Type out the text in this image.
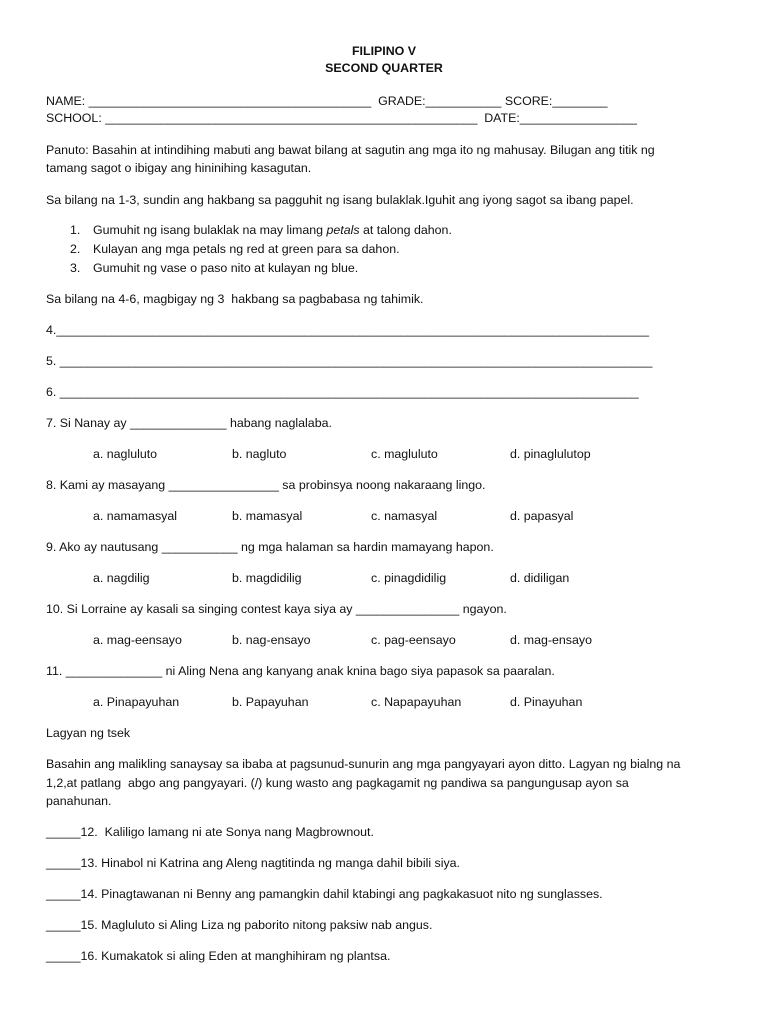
FILIPINO V
SECOND QUARTER
NAME: _________________________________________  GRADE:___________ SCORE:________
SCHOOL: ______________________________________________________  DATE:_________________
Panuto: Basahin at intindihing mabuti ang bawat bilang at sagutin ang mga ito ng mahusay. Bilugan ang titik ng
tamang sagot o ibigay ang hininihing kasagutan.
Sa bilang na 1-3, sundin ang hakbang sa pagguhit ng isang bulaklak.Iguhit ang iyong sagot sa ibang papel.
1. Gumuhit ng isang bulaklak na may limang petals at talong dahon.
2. Kulayan ang mga petals ng red at green para sa dahon.
3. Gumuhit ng vase o paso nito at kulayan ng blue.
Sa bilang na 4-6, magbigay ng 3  hakbang sa pagbabasa ng tahimik.
4.______________________________________________________________________________________
5. ______________________________________________________________________________________
6. ____________________________________________________________________________________
7. Si Nanay ay ______________ habang naglalaba.
a. nagluluto	b. nagluto	c. magluluto	d. pinaglulutop
8. Kami ay masayang ________________ sa probinsya noong nakaraang lingo.
a. namamasyal	b. mamasyal	c. namasyal	d. papasyal
9. Ako ay nautusang ___________ ng mga halaman sa hardin mamayang hapon.
a. nagdilig	b. magdidilig	c. pinagdidilig	d. didiligan
10. Si Lorraine ay kasali sa singing contest kaya siya ay _______________ ngayon.
a. mag-eensayo	b. nag-ensayo	c. pag-eensayo	d. mag-ensayo
11. ______________ ni Aling Nena ang kanyang anak knina bago siya papasok sa paaralan.
a. Pinapayuhan	b. Papayuhan	c. Napapayuhan	d. Pinayuhan
Lagyan ng tsek
Basahin ang malikling sanaysay sa ibaba at pagsunud-sunurin ang mga pangyayari ayon ditto. Lagyan ng bialng na
1,2,at patlang  abgo ang pangyayari. (/) kung wasto ang pagkagamit ng pandiwa sa pangungusap ayon sa
panahunan.
_____12.  Kaliligo lamang ni ate Sonya nang Magbrownout.
_____13. Hinabol ni Katrina ang Aleng nagtitinda ng manga dahil bibili siya.
_____14. Pinagtawanan ni Benny ang pamangkin dahil ktabingi ang pagkakasuot nito ng sunglasses.
_____15. Magluluto si Aling Liza ng paborito nitong paksiw nab angus.
_____16. Kumakatok si aling Eden at manghihiram ng plantsa.
